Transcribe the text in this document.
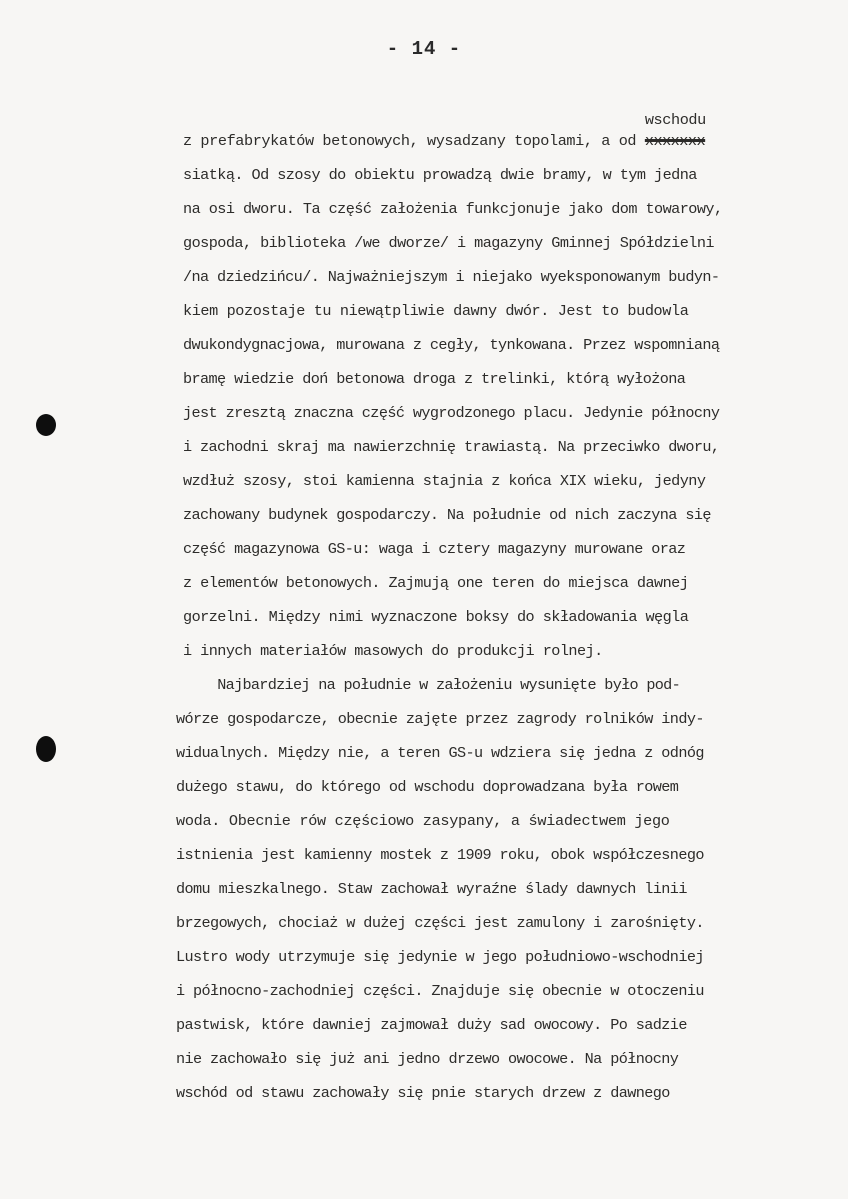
- 14 -
z prefabrykatów betonowych, wysadzany topolami, a od
wschodu
xxxxxxx
siatką. Od szosy do obiektu prowadzą dwie bramy, w tym jedna
na osi dworu. Ta część założenia funkcjonuje jako dom towarowy,
gospoda, biblioteka /we dworze/ i magazyny Gminnej Spółdzielni
/na dziedzińcu/. Najważniejszym i niejako wyeksponowanym budyn-
kiem pozostaje tu niewątpliwie dawny dwór. Jest to budowla
dwukondygnacjowa, murowana z cegły, tynkowana. Przez wspomnianą
bramę wiedzie doń betonowa droga z trelinki, którą wyłożona
jest zresztą znaczna część wygrodzonego placu. Jedynie północny
i zachodni skraj ma nawierzchnię trawiastą. Na przeciwko dworu,
wzdłuż szosy, stoi kamienna stajnia z końca XIX wieku, jedyny
zachowany budynek gospodarczy. Na południe od nich zaczyna się
część magazynowa GS-u: waga i cztery magazyny murowane oraz
z elementów betonowych. Zajmują one teren do miejsca dawnej
gorzelni. Między nimi wyznaczone boksy do składowania węgla
i innych materiałów masowych do produkcji rolnej.
Najbardziej na południe w założeniu wysunięte było pod-
wórze gospodarcze, obecnie zajęte przez zagrody rolników indy-
widualnych. Między nie, a teren GS-u wdziera się jedna z odnóg
dużego stawu, do którego od wschodu doprowadzana była rowem
woda. Obecnie rów częściowo zasypany, a świadectwem jego
istnienia jest kamienny mostek z 1909 roku, obok współczesnego
domu mieszkalnego. Staw zachował wyraźne ślady dawnych linii
brzegowych, chociaż w dużej części jest zamulony i zarośnięty.
Lustro wody utrzymuje się jedynie w jego południowo-wschodniej
i północno-zachodniej części. Znajduje się obecnie w otoczeniu
pastwisk, które dawniej zajmował duży sad owocowy. Po sadzie
nie zachowało się już ani jedno drzewo owocowe. Na północny
wschód od stawu zachowały się pnie starych drzew z dawnego
